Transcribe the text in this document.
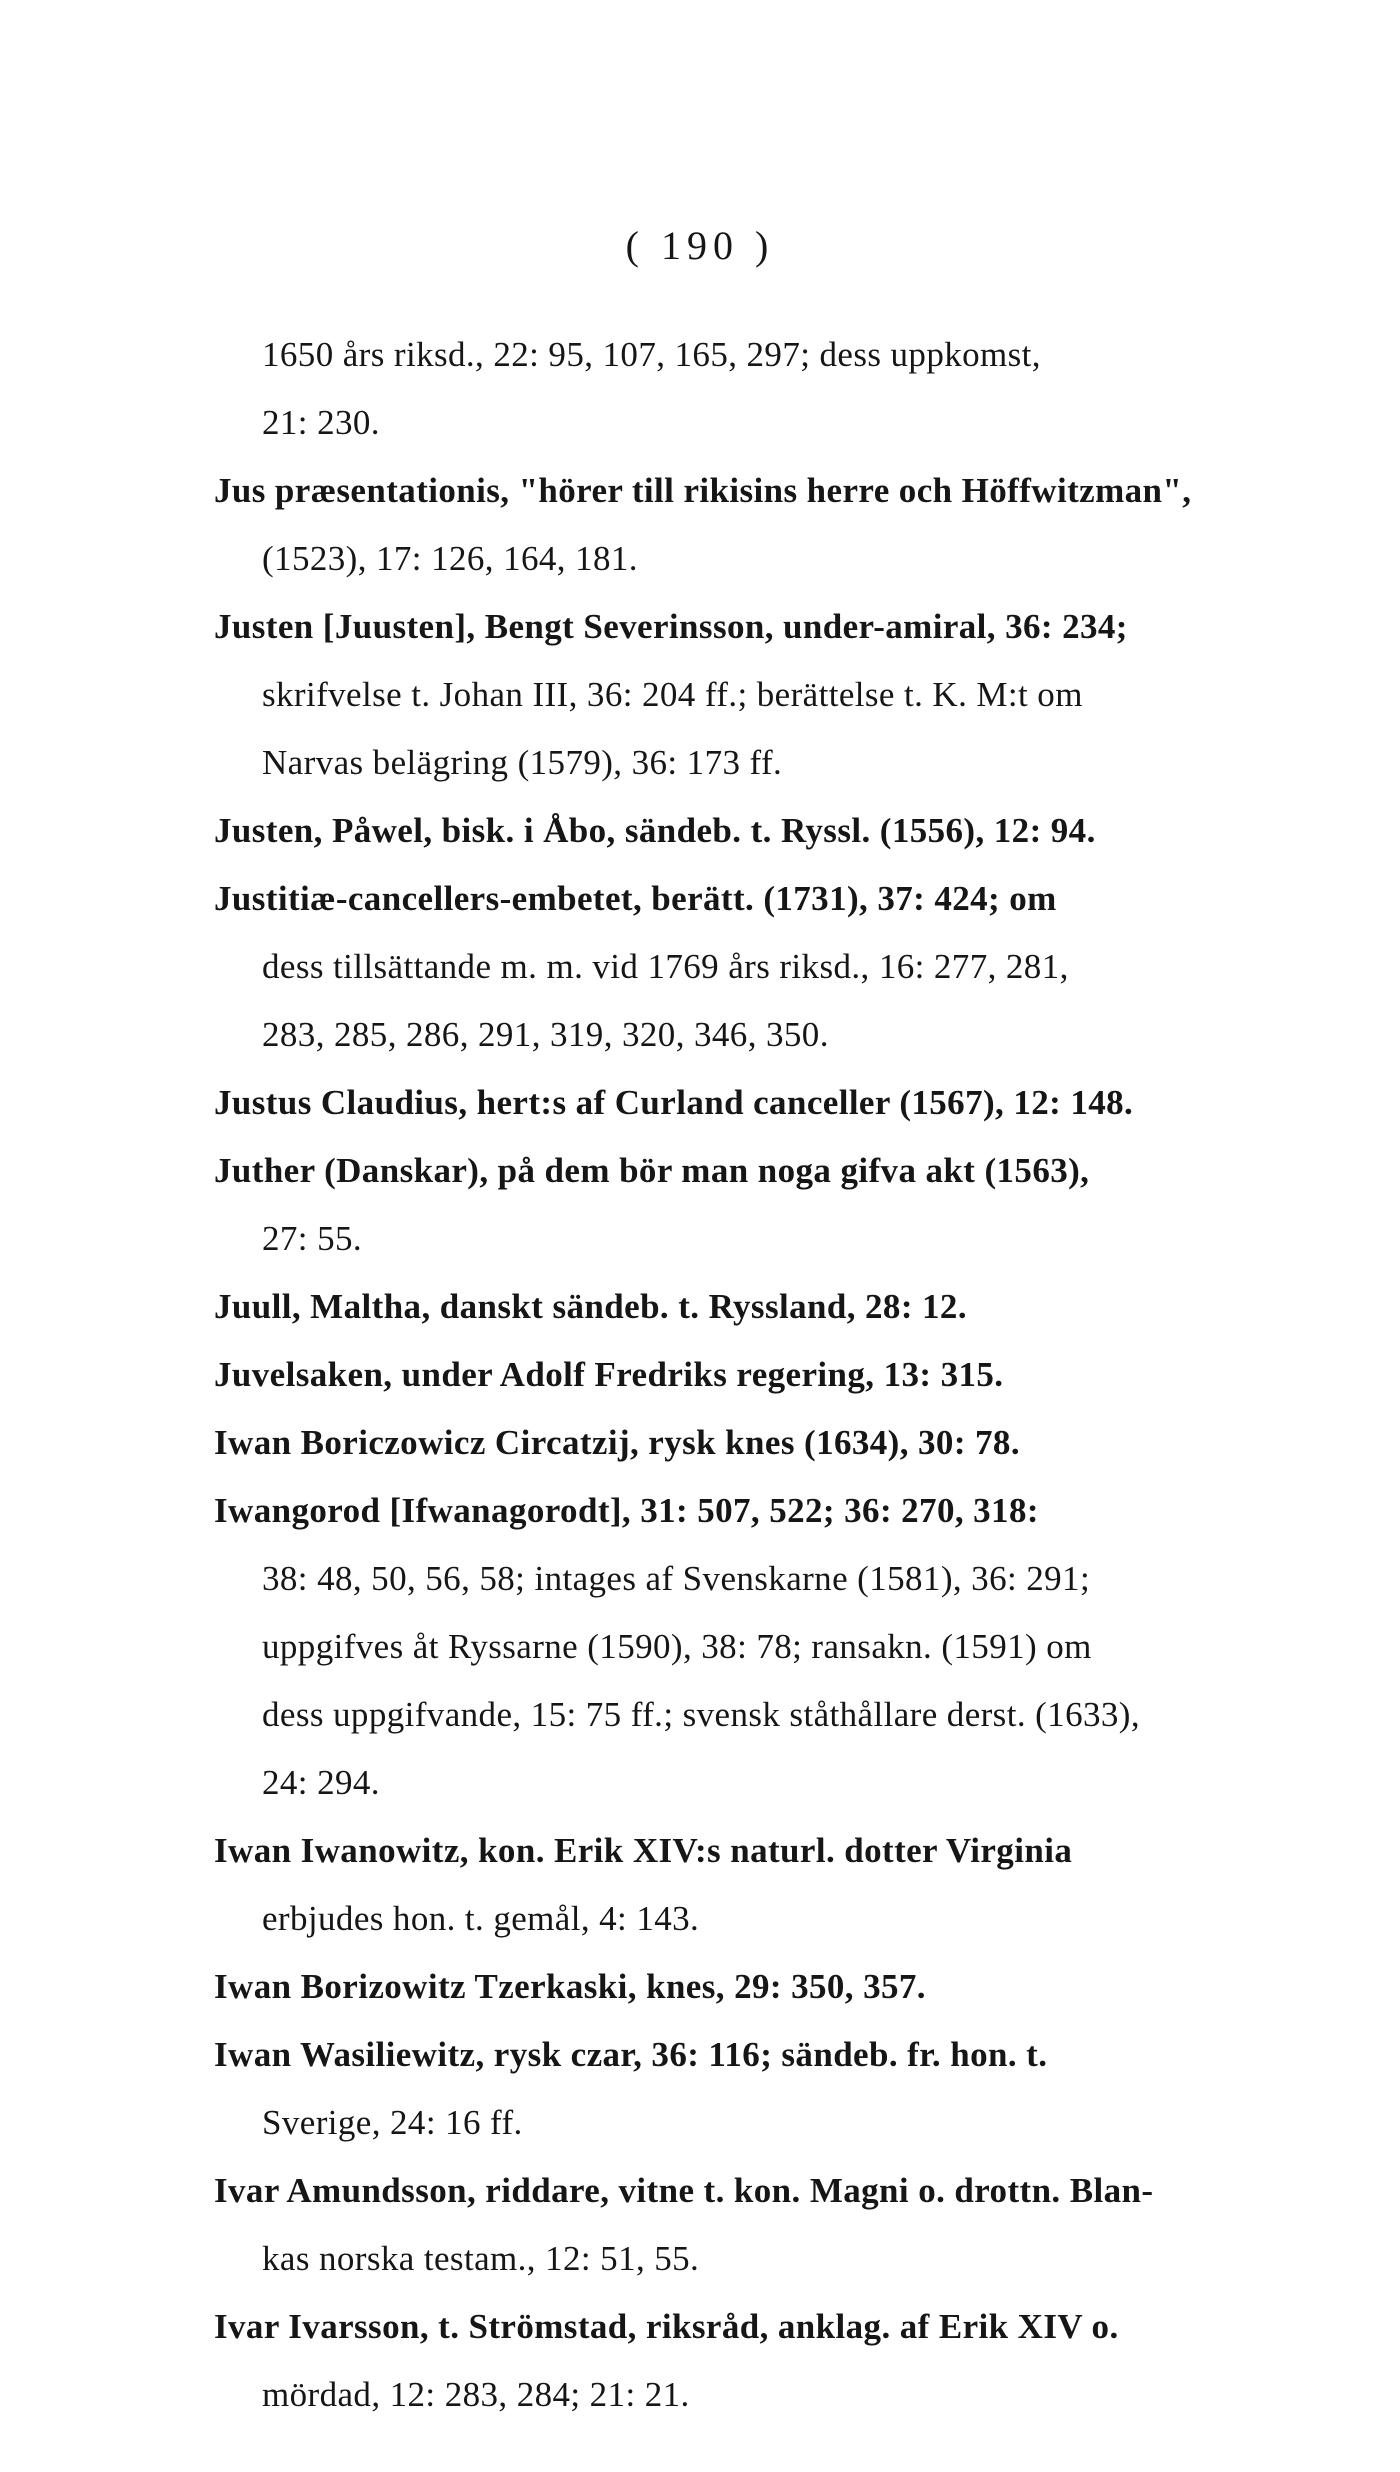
( 190 )
1650 års riksd., 22: 95, 107, 165, 297; dess uppkomst,
21: 230.
Jus præsentationis, "hörer till rikisins herre och Höffwitzman",
(1523), 17: 126, 164, 181.
Justen [Juusten], Bengt Severinsson, under-amiral, 36: 234;
skrifvelse t. Johan III, 36: 204 ff.; berättelse t. K. M:t om
Narvas belägring (1579), 36: 173 ff.
Justen, Påwel, bisk. i Åbo, sändeb. t. Ryssl. (1556), 12: 94.
Justitiæ-cancellers-embetet, berätt. (1731), 37: 424; om
dess tillsättande m. m. vid 1769 års riksd., 16: 277, 281,
283, 285, 286, 291, 319, 320, 346, 350.
Justus Claudius, hert:s af Curland canceller (1567), 12: 148.
Juther (Danskar), på dem bör man noga gifva akt (1563),
27: 55.
Juull, Maltha, danskt sändeb. t. Ryssland, 28: 12.
Juvelsaken, under Adolf Fredriks regering, 13: 315.
Iwan Boriczowicz Circatzij, rysk knes (1634), 30: 78.
Iwangorod [Ifwanagorodt], 31: 507, 522; 36: 270, 318:
38: 48, 50, 56, 58; intages af Svenskarne (1581), 36: 291;
uppgifves åt Ryssarne (1590), 38: 78; ransakn. (1591) om
dess uppgifvande, 15: 75 ff.; svensk ståthållare derst. (1633),
24: 294.
Iwan Iwanowitz, kon. Erik XIV:s naturl. dotter Virginia
erbjudes hon. t. gemål, 4: 143.
Iwan Borizowitz Tzerkaski, knes, 29: 350, 357.
Iwan Wasiliewitz, rysk czar, 36: 116; sändeb. fr. hon. t.
Sverige, 24: 16 ff.
Ivar Amundsson, riddare, vitne t. kon. Magni o. drottn. Blan-
kas norska testam., 12: 51, 55.
Ivar Ivarsson, t. Strömstad, riksråd, anklag. af Erik XIV o.
mördad, 12: 283, 284; 21: 21.
